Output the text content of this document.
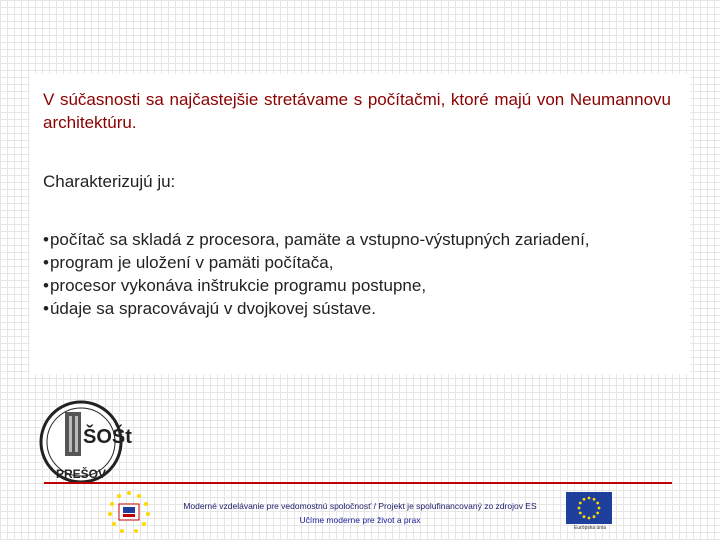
V súčasnosti sa najčastejšie stretávame s počítačmi, ktoré majú von Neumannovu architektúru.

Charakterizujú ju:

•počítač sa skladá z procesora, pamäte a vstupno-výstupných zariadení,
•program je uložení v pamäti počítača,
•procesor vykonáva inštrukcie programu postupne,
•údaje sa spracovávajú v dvojkovej sústave.
ŠOŠt
PREŠOV
Moderné vzdelávanie pre vedomostnú spoločnosť / Projekt je spolufinancovaný zo zdrojov ES
Učíme moderne pre život a prax
Európska únia
